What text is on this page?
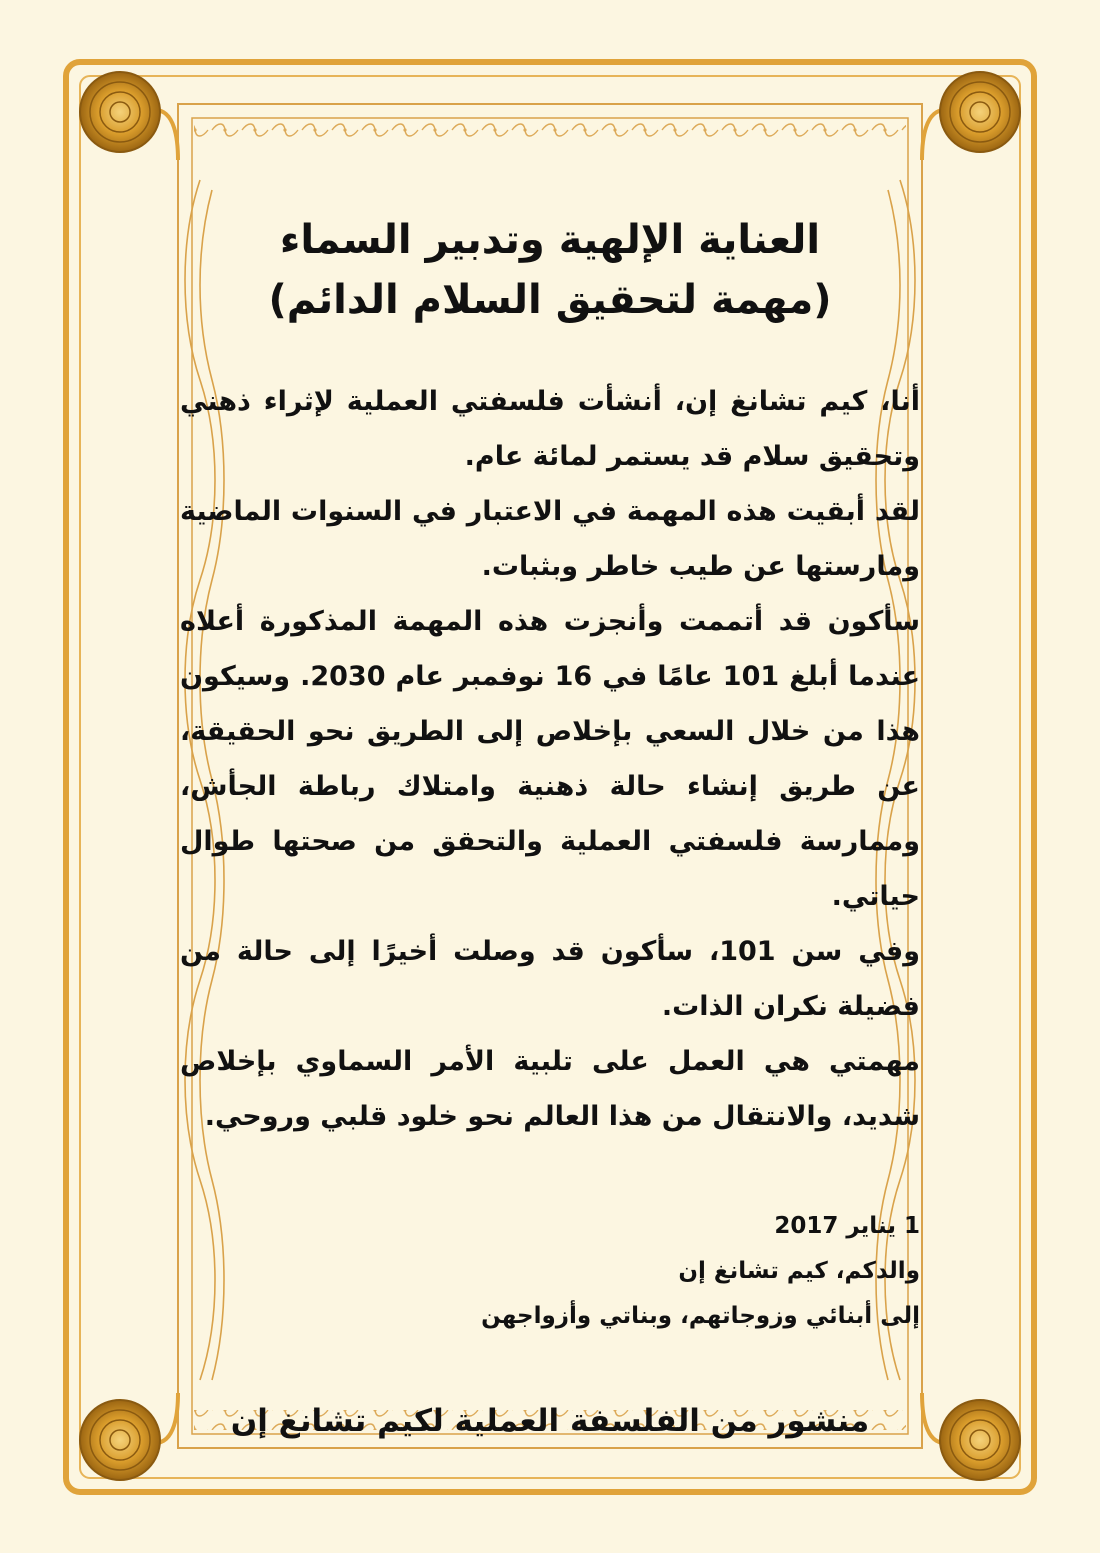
العناية الإلهية وتدبير السماء
(مهمة لتحقيق السلام الدائم)

أنا، كيم تشانغ إن، أنشأت فلسفتي العملية لإثراء ذهني وتحقيق سلام قد يستمر لمائة عام.

لقد أبقيت هذه المهمة في الاعتبار في السنوات الماضية ومارستها عن طيب خاطر وبثبات.

سأكون قد أتممت وأنجزت هذه المهمة المذكورة أعلاه عندما أبلغ 101 عامًا في 16 نوفمبر عام 2030. وسيكون هذا من خلال السعي بإخلاص إلى الطريق نحو الحقيقة، عن طريق إنشاء حالة ذهنية وامتلاك رباطة الجأش، وممارسة فلسفتي العملية والتحقق من صحتها طوال حياتي.

وفي سن 101، سأكون قد وصلت أخيرًا إلى حالة من فضيلة نكران الذات.

مهمتي هي العمل على تلبية الأمر السماوي بإخلاص شديد، والانتقال من هذا العالم نحو خلود قلبي وروحي.

1 يناير 2017
والدكم، كيم تشانغ إن
إلى أبنائي وزوجاتهم، وبناتي وأزواجهن
منشور من الفلسفة العملية لكيم تشانغ إن
